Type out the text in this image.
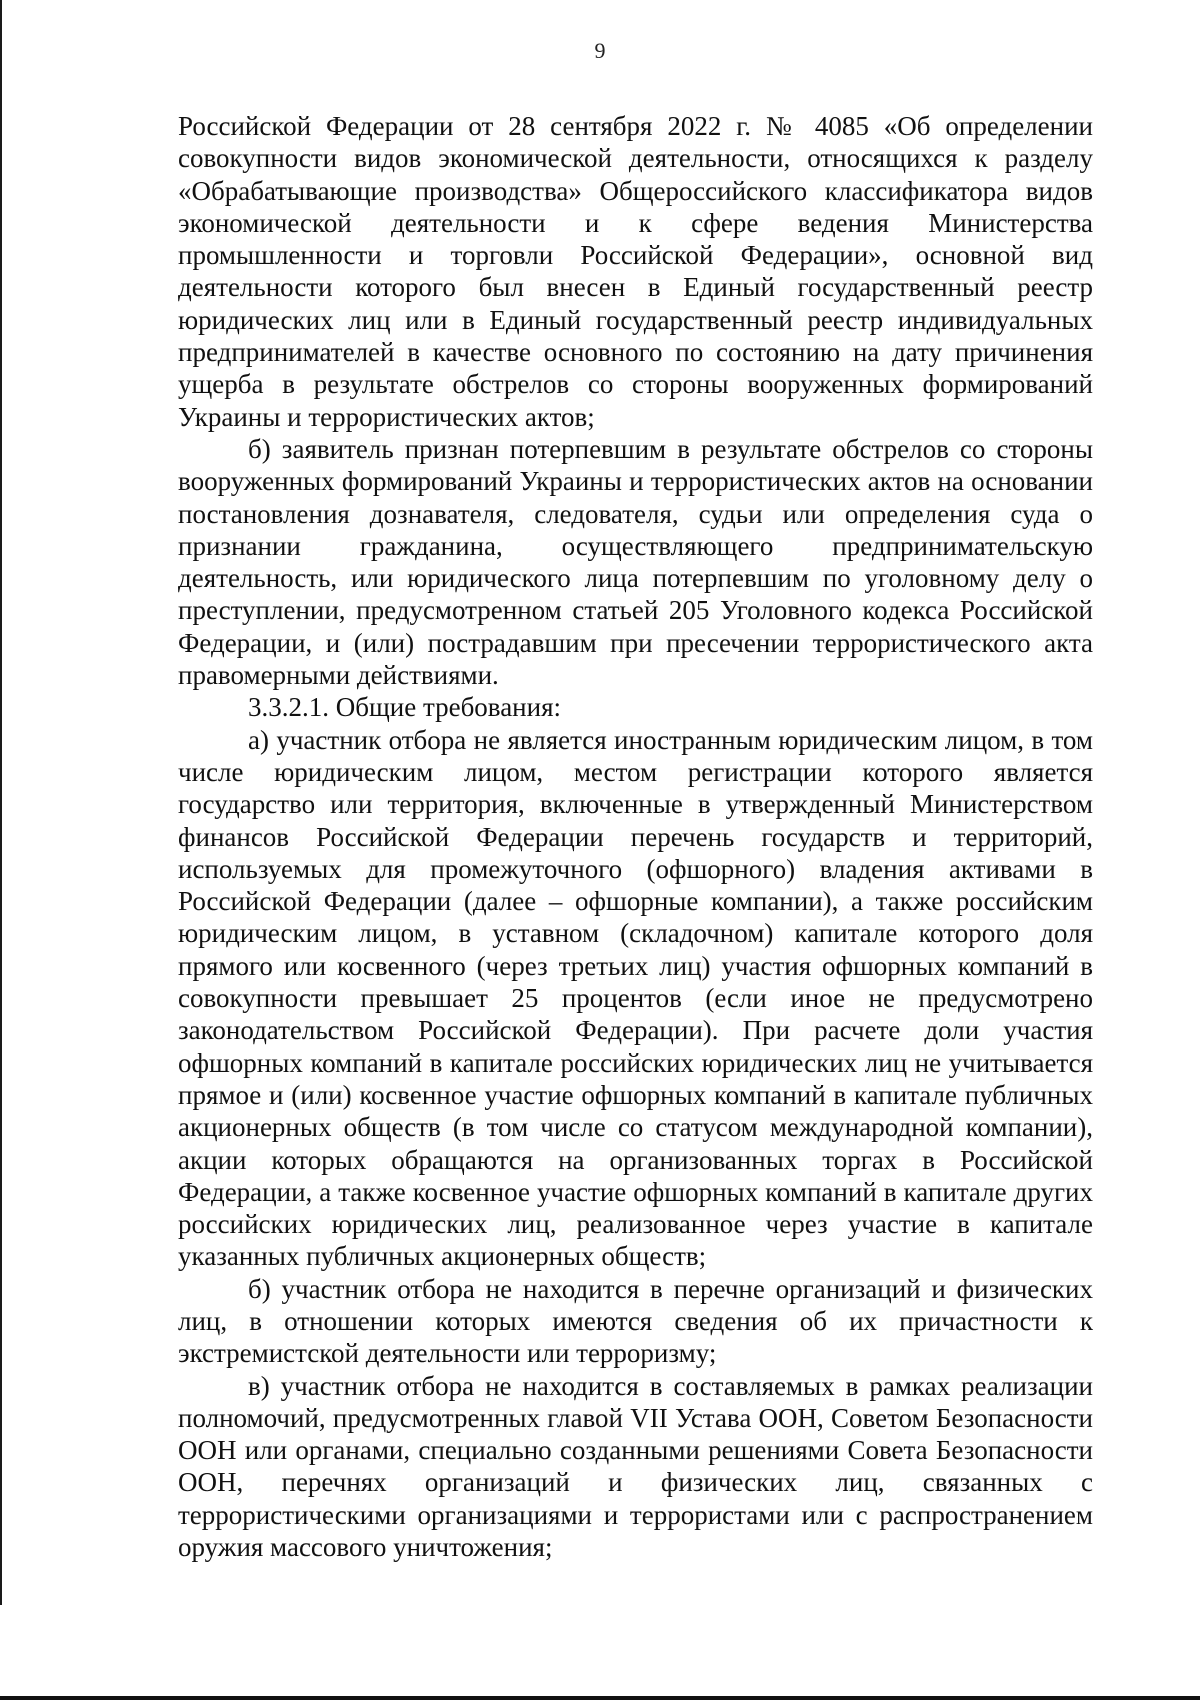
9

Российской Федерации от 28 сентября 2022 г. № 4085 «Об определении совокупности видов экономической деятельности, относящихся к разделу «Обрабатывающие производства» Общероссийского классификатора видов экономической деятельности и к сфере ведения Министерства промышленности и торговли Российской Федерации», основной вид деятельности которого был внесен в Единый государственный реестр юридических лиц или в Единый государственный реестр индивидуальных предпринимателей в качестве основного по состоянию на дату причинения ущерба в результате обстрелов со стороны вооруженных формирований Украины и террористических актов;

б) заявитель признан потерпевшим в результате обстрелов со стороны вооруженных формирований Украины и террористических актов на основании постановления дознавателя, следователя, судьи или определения суда о признании гражданина, осуществляющего предпринимательскую деятельность, или юридического лица потерпевшим по уголовному делу о преступлении, предусмотренном статьей 205 Уголовного кодекса Российской Федерации, и (или) пострадавшим при пресечении террористического акта правомерными действиями.

3.3.2.1. Общие требования:

а) участник отбора не является иностранным юридическим лицом, в том числе юридическим лицом, местом регистрации которого является государство или территория, включенные в утвержденный Министерством финансов Российской Федерации перечень государств и территорий, используемых для промежуточного (офшорного) владения активами в Российской Федерации (далее – офшорные компании), а также российским юридическим лицом, в уставном (складочном) капитале которого доля прямого или косвенного (через третьих лиц) участия офшорных компаний в совокупности превышает 25 процентов (если иное не предусмотрено законодательством Российской Федерации). При расчете доли участия офшорных компаний в капитале российских юридических лиц не учитывается прямое и (или) косвенное участие офшорных компаний в капитале публичных акционерных обществ (в том числе со статусом международной компании), акции которых обращаются на организованных торгах в Российской Федерации, а также косвенное участие офшорных компаний в капитале других российских юридических лиц, реализованное через участие в капитале указанных публичных акционерных обществ;

б) участник отбора не находится в перечне организаций и физических лиц, в отношении которых имеются сведения об их причастности к экстремистской деятельности или терроризму;

в) участник отбора не находится в составляемых в рамках реализации полномочий, предусмотренных главой VII Устава ООН, Советом Безопасности ООН или органами, специально созданными решениями Совета Безопасности ООН, перечнях организаций и физических лиц, связанных с террористическими организациями и террористами или с распространением оружия массового уничтожения;
